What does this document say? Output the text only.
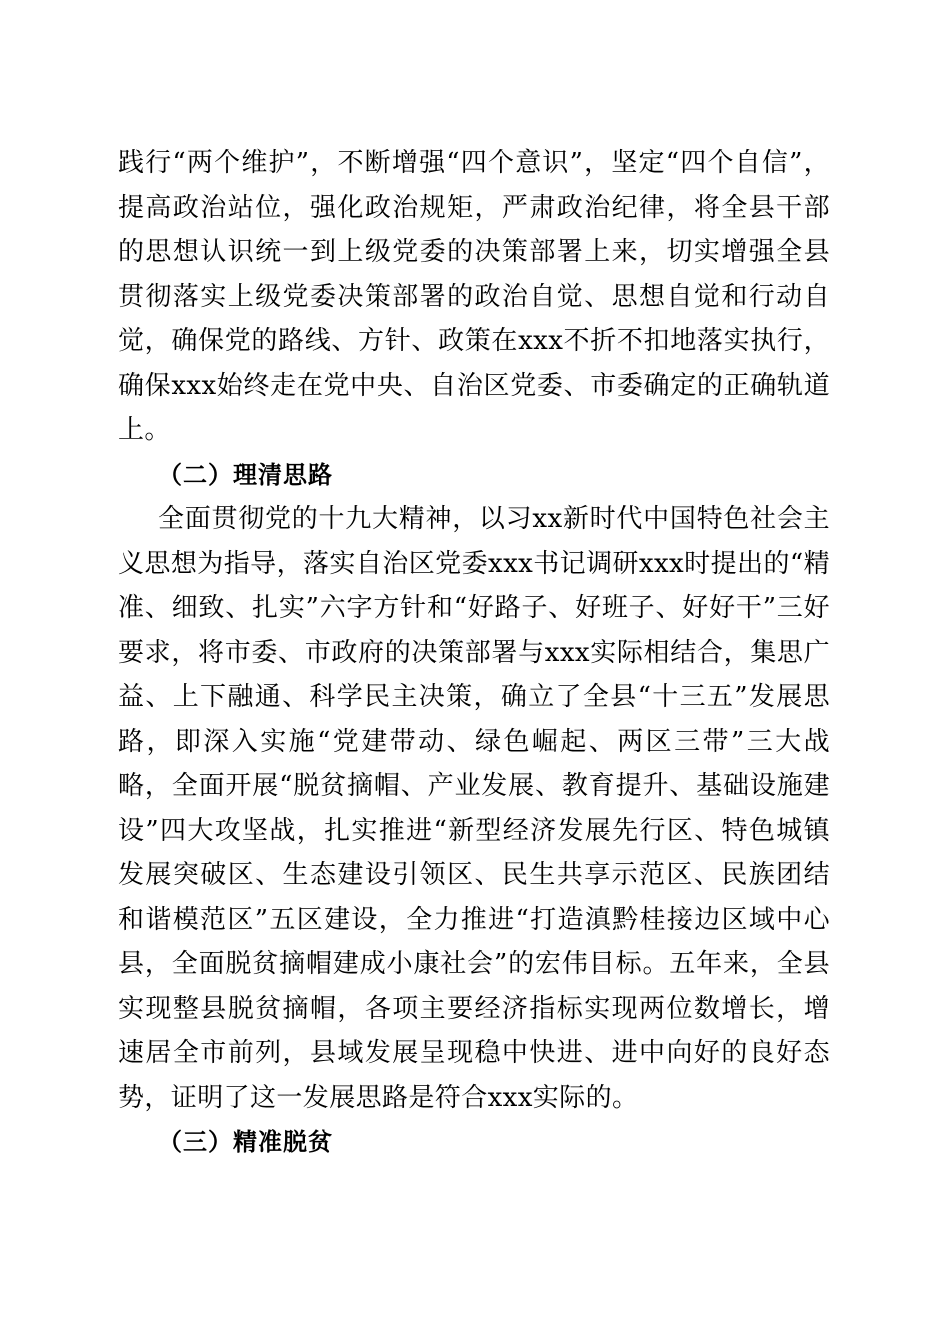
践行“两个维护”，不断增强“四个意识”，坚定“四个自信”，提高政治站位，强化政治规矩，严肃政治纪律，将全县干部的思想认识统一到上级党委的决策部署上来，切实增强全县贯彻落实上级党委决策部署的政治自觉、思想自觉和行动自觉，确保党的路线、方针、政策在xxx不折不扣地落实执行，确保xxx始终走在党中央、自治区党委、市委确定的正确轨道上。

（二）理清思路

全面贯彻党的十九大精神，以习xx新时代中国特色社会主义思想为指导，落实自治区党委xxx书记调研xxx时提出的“精准、细致、扎实”六字方针和“好路子、好班子、好好干”三好要求，将市委、市政府的决策部署与xxx实际相结合，集思广益、上下融通、科学民主决策，确立了全县“十三五”发展思路，即深入实施“党建带动、绿色崛起、两区三带”三大战略，全面开展“脱贫摘帽、产业发展、教育提升、基础设施建设”四大攻坚战，扎实推进“新型经济发展先行区、特色城镇发展突破区、生态建设引领区、民生共享示范区、民族团结和谐模范区”五区建设，全力推进“打造滇黔桂接边区域中心县，全面脱贫摘帽建成小康社会”的宏伟目标。五年来，全县实现整县脱贫摘帽，各项主要经济指标实现两位数增长，增速居全市前列，县域发展呈现稳中快进、进中向好的良好态势，证明了这一发展思路是符合xxx实际的。

（三）精准脱贫
